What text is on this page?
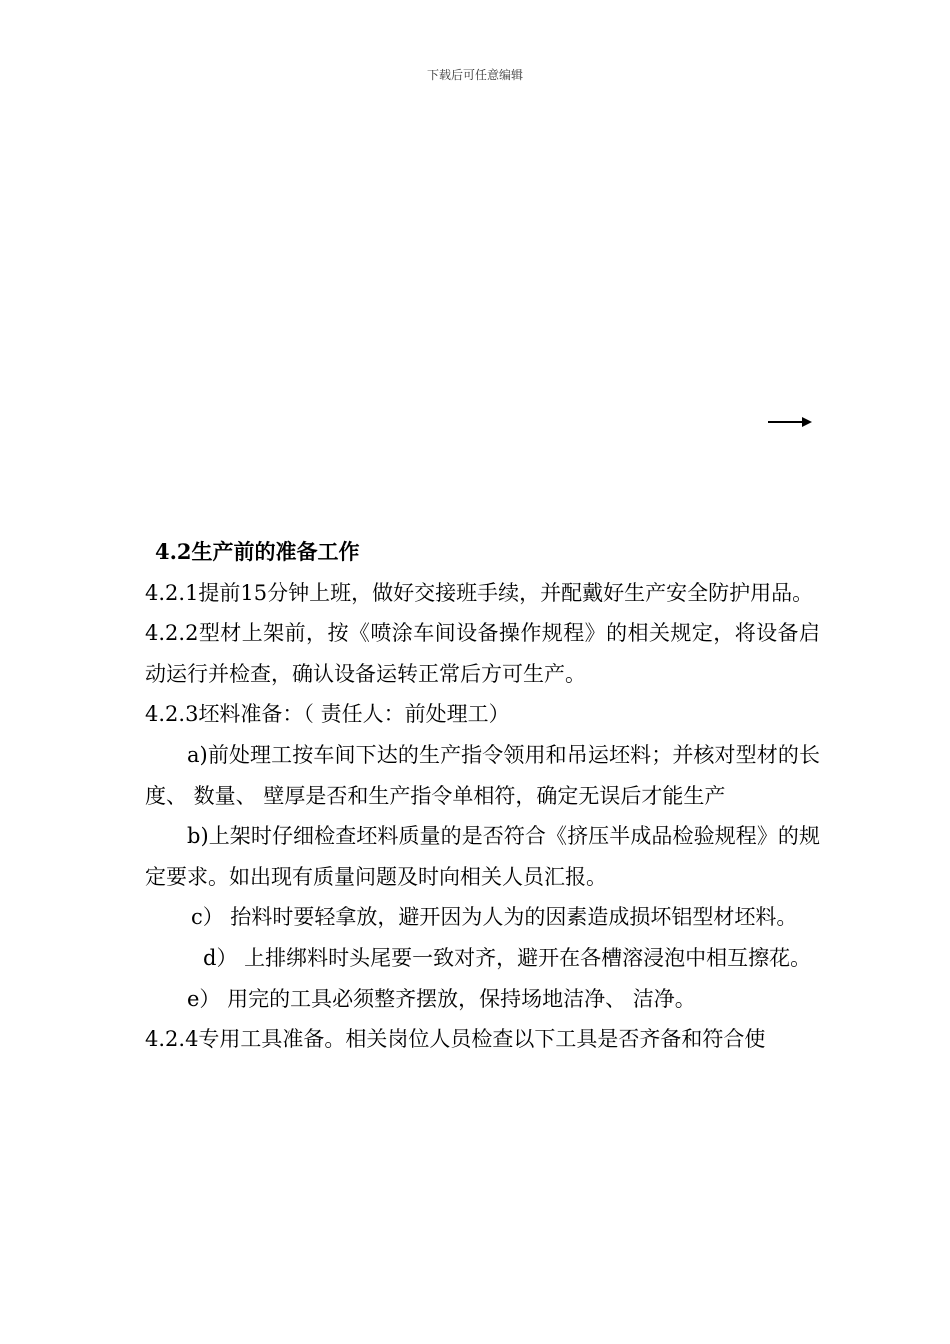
下载后可任意编辑
4.2生产前的准备工作

4.2.1提前15分钟上班，做好交接班手续，并配戴好生产安全防护用品。

4.2.2型材上架前，按《喷涂车间设备操作规程》的相关规定，将设备启动运行并检查，确认设备运转正常后方可生产。

4.2.3坯料准备：（ 责任人：前处理工）

a)前处理工按车间下达的生产指令领用和吊运坯料；并核对型材的长度、 数量、 壁厚是否和生产指令单相符，确定无误后才能生产

b)上架时仔细检查坯料质量的是否符合《挤压半成品检验规程》的规定要求。如出现有质量问题及时向相关人员汇报。

c） 抬料时要轻拿放，避开因为人为的因素造成损坏铝型材坯料。

d） 上排绑料时头尾要一致对齐，避开在各槽溶浸泡中相互擦花。

e） 用完的工具必须整齐摆放，保持场地洁净、 洁净。

4.2.4专用工具准备。相关岗位人员检查以下工具是否齐备和符合使
